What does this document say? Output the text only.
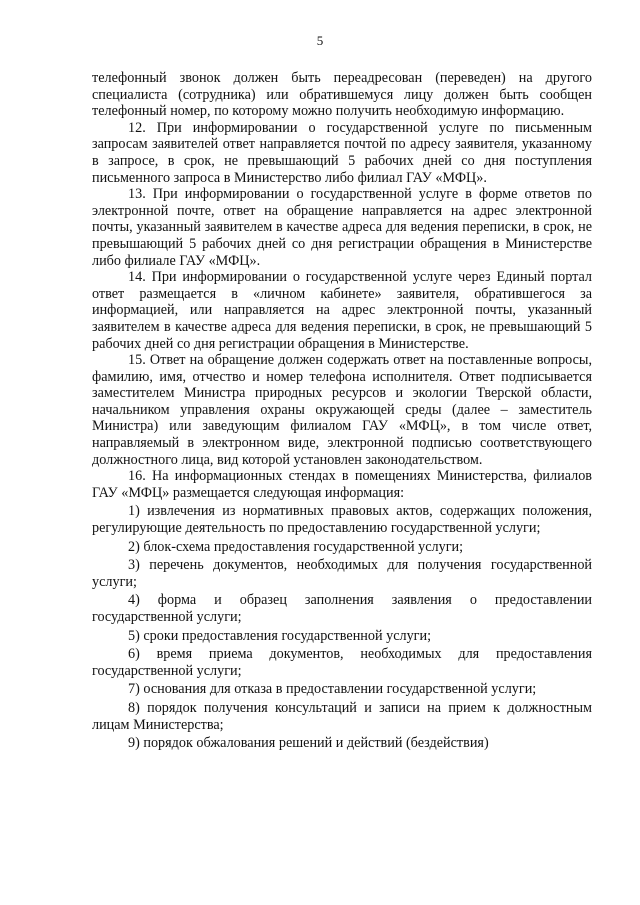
5

телефонный звонок должен быть переадресован (переведен) на другого специалиста (сотрудника) или обратившемуся лицу должен быть сообщен телефонный номер, по которому можно получить необходимую информацию.

12. При информировании о государственной услуге по письменным запросам заявителей ответ направляется почтой по адресу заявителя, указанному в запросе, в срок, не превышающий 5 рабочих дней со дня поступления письменного запроса в Министерство либо филиал ГАУ «МФЦ».

13. При информировании о государственной услуге в форме ответов по электронной почте, ответ на обращение направляется на адрес электронной почты, указанный заявителем в качестве адреса для ведения переписки, в срок, не превышающий 5 рабочих дней со дня регистрации обращения в Министерстве либо филиале ГАУ «МФЦ».

14. При информировании о государственной услуге через Единый портал ответ размещается в «личном кабинете» заявителя, обратившегося за информацией, или направляется на адрес электронной почты, указанный заявителем в качестве адреса для ведения переписки, в срок, не превышающий 5 рабочих дней со дня регистрации обращения в Министерстве.

15. Ответ на обращение должен содержать ответ на поставленные вопросы, фамилию, имя, отчество и номер телефона исполнителя. Ответ подписывается заместителем Министра природных ресурсов и экологии Тверской области, начальником управления охраны окружающей среды (далее – заместитель Министра) или заведующим филиалом ГАУ «МФЦ», в том числе ответ, направляемый в электронном виде, электронной подписью соответствующего должностного лица, вид которой установлен законодательством.

16. На информационных стендах в помещениях Министерства, филиалов ГАУ «МФЦ» размещается следующая информация:

1) извлечения из нормативных правовых актов, содержащих положения, регулирующие деятельность по предоставлению государственной услуги;

2) блок-схема предоставления государственной услуги;

3) перечень документов, необходимых для получения государственной услуги;

4) форма и образец заполнения заявления о предоставлении государственной услуги;

5) сроки предоставления государственной услуги;

6) время приема документов, необходимых для предоставления государственной услуги;

7) основания для отказа в предоставлении государственной услуги;

8) порядок получения консультаций и записи на прием к должностным лицам Министерства;

9) порядок обжалования решений и действий (бездействия)
